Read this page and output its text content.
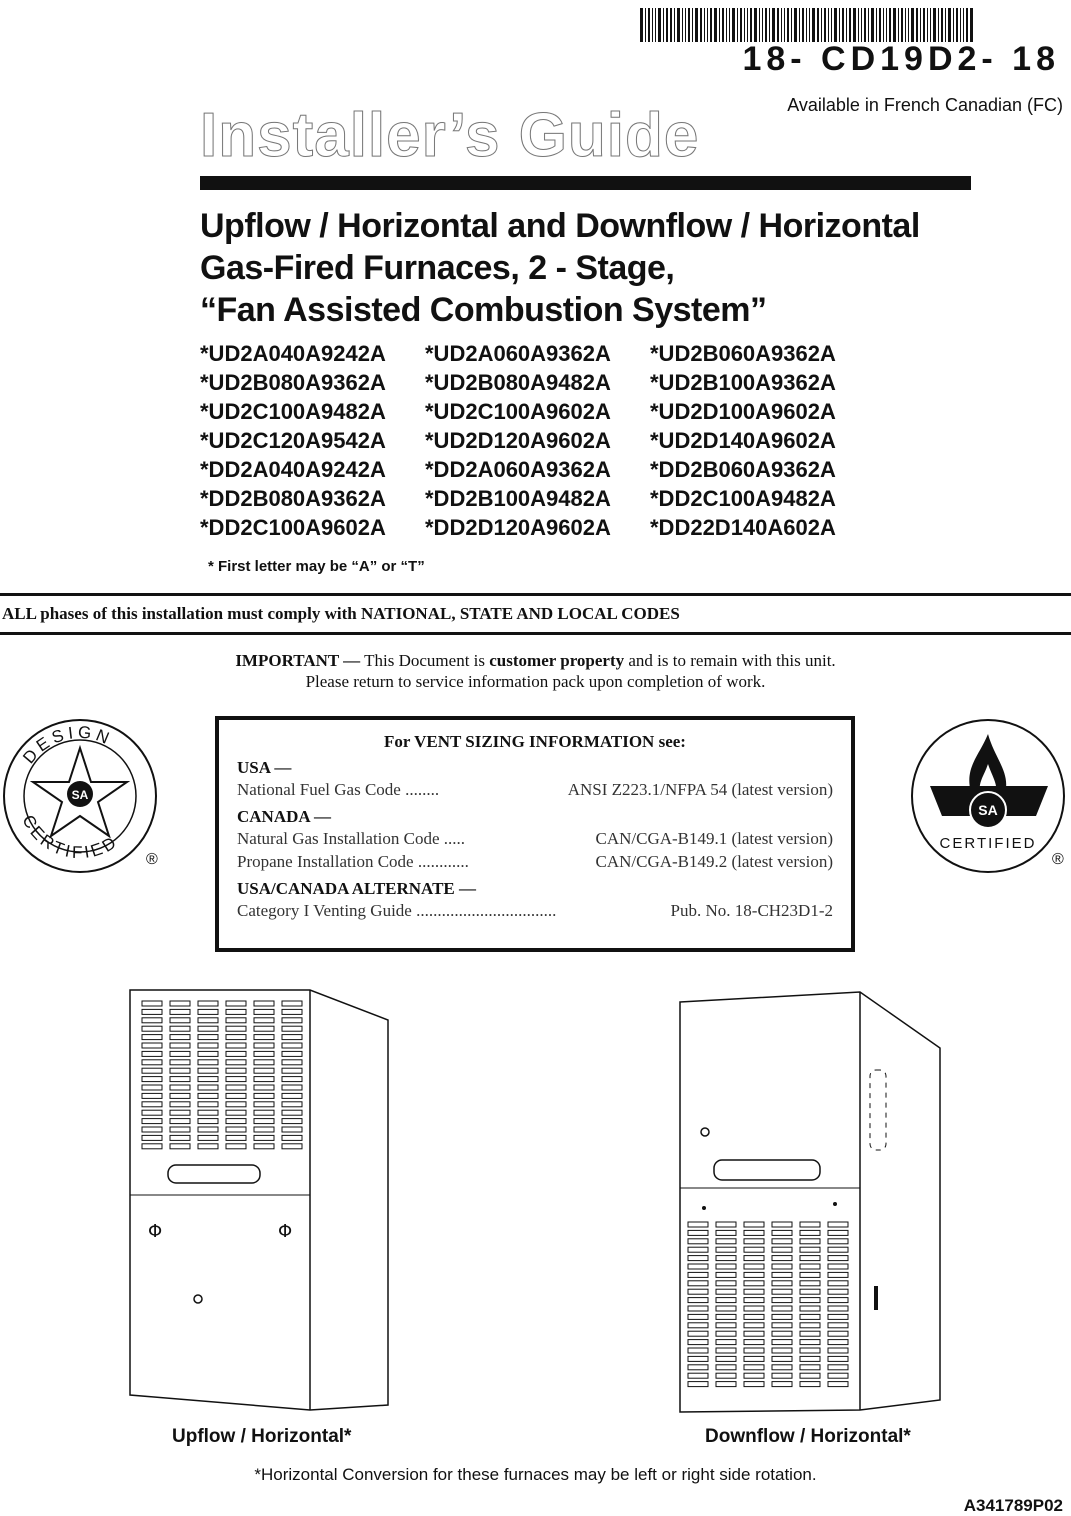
18- CD19D2- 18
Available in French Canadian (FC)
Installer’s Guide
Upflow / Horizontal and Downflow / Horizontal
Gas-Fired Furnaces, 2 - Stage,
“Fan Assisted Combustion System”
*UD2A040A9242A	*UD2A060A9362A	*UD2B060A9362A
*UD2B080A9362A	*UD2B080A9482A	*UD2B100A9362A
*UD2C100A9482A	*UD2C100A9602A	*UD2D100A9602A
*UD2C120A9542A	*UD2D120A9602A	*UD2D140A9602A
*DD2A040A9242A	*DD2A060A9362A	*DD2B060A9362A
*DD2B080A9362A	*DD2B100A9482A	*DD2C100A9482A
*DD2C100A9602A	*DD2D120A9602A	*DD22D140A602A
* First letter may be “A” or “T”
ALL phases of this installation must comply with NATIONAL, STATE AND LOCAL CODES
IMPORTANT — This Document is customer property and is to remain with this unit.
Please return to service information pack upon completion of work.
SA
DESIGN
CERTIFIED
®
For VENT SIZING INFORMATION see:
USA —
National Fuel Gas Code ........	ANSI Z223.1/NFPA 54 (latest version)
CANADA —
Natural Gas Installation Code .....	CAN/CGA-B149.1 (latest version)
Propane Installation Code ............	CAN/CGA-B149.2 (latest version)
USA/CANADA ALTERNATE —
Category I Venting Guide .................................	Pub. No. 18-CH23D1-2
SA
CERTIFIED
®
Φ	Φ
Upflow / Horizontal*	Downflow / Horizontal*
*Horizontal Conversion for these furnaces may be left or right side rotation.
A341789P02
